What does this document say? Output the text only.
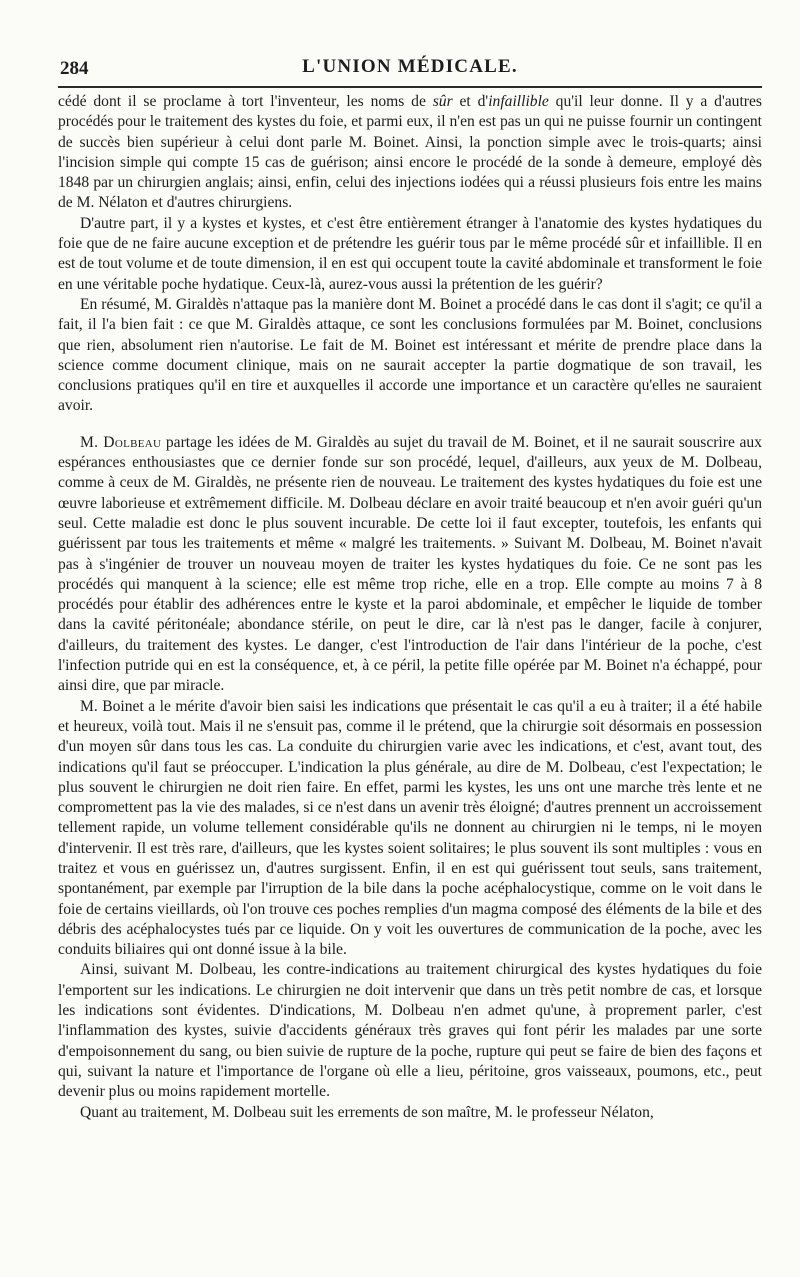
284	L'UNION MÉDICALE.

cédé dont il se proclame à tort l'inventeur, les noms de sûr et d'infaillible qu'il leur donne. Il y a d'autres procédés pour le traitement des kystes du foie, et parmi eux, il n'en est pas un qui ne puisse fournir un contingent de succès bien supérieur à celui dont parle M. Boinet. Ainsi, la ponction simple avec le trois-quarts; ainsi l'incision simple qui compte 15 cas de guérison; ainsi encore le procédé de la sonde à demeure, employé dès 1848 par un chirurgien anglais; ainsi, enfin, celui des injections iodées qui a réussi plusieurs fois entre les mains de M. Nélaton et d'autres chirurgiens.

D'autre part, il y a kystes et kystes, et c'est être entièrement étranger à l'anatomie des kystes hydatiques du foie que de ne faire aucune exception et de prétendre les guérir tous par le même procédé sûr et infaillible. Il en est de tout volume et de toute dimension, il en est qui occupent toute la cavité abdominale et transforment le foie en une véritable poche hydatique. Ceux-là, aurez-vous aussi la prétention de les guérir?

En résumé, M. Giraldès n'attaque pas la manière dont M. Boinet a procédé dans le cas dont il s'agit; ce qu'il a fait, il l'a bien fait : ce que M. Giraldès attaque, ce sont les conclusions formulées par M. Boinet, conclusions que rien, absolument rien n'autorise. Le fait de M. Boinet est intéressant et mérite de prendre place dans la science comme document clinique, mais on ne saurait accepter la partie dogmatique de son travail, les conclusions pratiques qu'il en tire et auxquelles il accorde une importance et un caractère qu'elles ne sauraient avoir.

M. Dolbeau partage les idées de M. Giraldès au sujet du travail de M. Boinet, et il ne saurait souscrire aux espérances enthousiastes que ce dernier fonde sur son procédé, lequel, d'ailleurs, aux yeux de M. Dolbeau, comme à ceux de M. Giraldès, ne présente rien de nouveau. Le traitement des kystes hydatiques du foie est une œuvre laborieuse et extrêmement difficile. M. Dolbeau déclare en avoir traité beaucoup et n'en avoir guéri qu'un seul. Cette maladie est donc le plus souvent incurable. De cette loi il faut excepter, toutefois, les enfants qui guérissent par tous les traitements et même « malgré les traitements. » Suivant M. Dolbeau, M. Boinet n'avait pas à s'ingénier de trouver un nouveau moyen de traiter les kystes hydatiques du foie. Ce ne sont pas les procédés qui manquent à la science; elle est même trop riche, elle en a trop. Elle compte au moins 7 à 8 procédés pour établir des adhérences entre le kyste et la paroi abdominale, et empêcher le liquide de tomber dans la cavité péritonéale; abondance stérile, on peut le dire, car là n'est pas le danger, facile à conjurer, d'ailleurs, du traitement des kystes. Le danger, c'est l'introduction de l'air dans l'intérieur de la poche, c'est l'infection putride qui en est la conséquence, et, à ce péril, la petite fille opérée par M. Boinet n'a échappé, pour ainsi dire, que par miracle.

M. Boinet a le mérite d'avoir bien saisi les indications que présentait le cas qu'il a eu à traiter; il a été habile et heureux, voilà tout. Mais il ne s'ensuit pas, comme il le prétend, que la chirurgie soit désormais en possession d'un moyen sûr dans tous les cas. La conduite du chirurgien varie avec les indications, et c'est, avant tout, des indications qu'il faut se préoccuper. L'indication la plus générale, au dire de M. Dolbeau, c'est l'expectation; le plus souvent le chirurgien ne doit rien faire. En effet, parmi les kystes, les uns ont une marche très lente et ne compromettent pas la vie des malades, si ce n'est dans un avenir très éloigné; d'autres prennent un accroissement tellement rapide, un volume tellement considérable qu'ils ne donnent au chirurgien ni le temps, ni le moyen d'intervenir. Il est très rare, d'ailleurs, que les kystes soient solitaires; le plus souvent ils sont multiples : vous en traitez et vous en guérissez un, d'autres surgissent. Enfin, il en est qui guérissent tout seuls, sans traitement, spontanément, par exemple par l'irruption de la bile dans la poche acéphalocystique, comme on le voit dans le foie de certains vieillards, où l'on trouve ces poches remplies d'un magma composé des éléments de la bile et des débris des acéphalocystes tués par ce liquide. On y voit les ouvertures de communication de la poche, avec les conduits biliaires qui ont donné issue à la bile.

Ainsi, suivant M. Dolbeau, les contre-indications au traitement chirurgical des kystes hydatiques du foie l'emportent sur les indications. Le chirurgien ne doit intervenir que dans un très petit nombre de cas, et lorsque les indications sont évidentes. D'indications, M. Dolbeau n'en admet qu'une, à proprement parler, c'est l'inflammation des kystes, suivie d'accidents généraux très graves qui font périr les malades par une sorte d'empoisonnement du sang, ou bien suivie de rupture de la poche, rupture qui peut se faire de bien des façons et qui, suivant la nature et l'importance de l'organe où elle a lieu, péritoine, gros vaisseaux, poumons, etc., peut devenir plus ou moins rapidement mortelle.

Quant au traitement, M. Dolbeau suit les errements de son maître, M. le professeur Nélaton,
